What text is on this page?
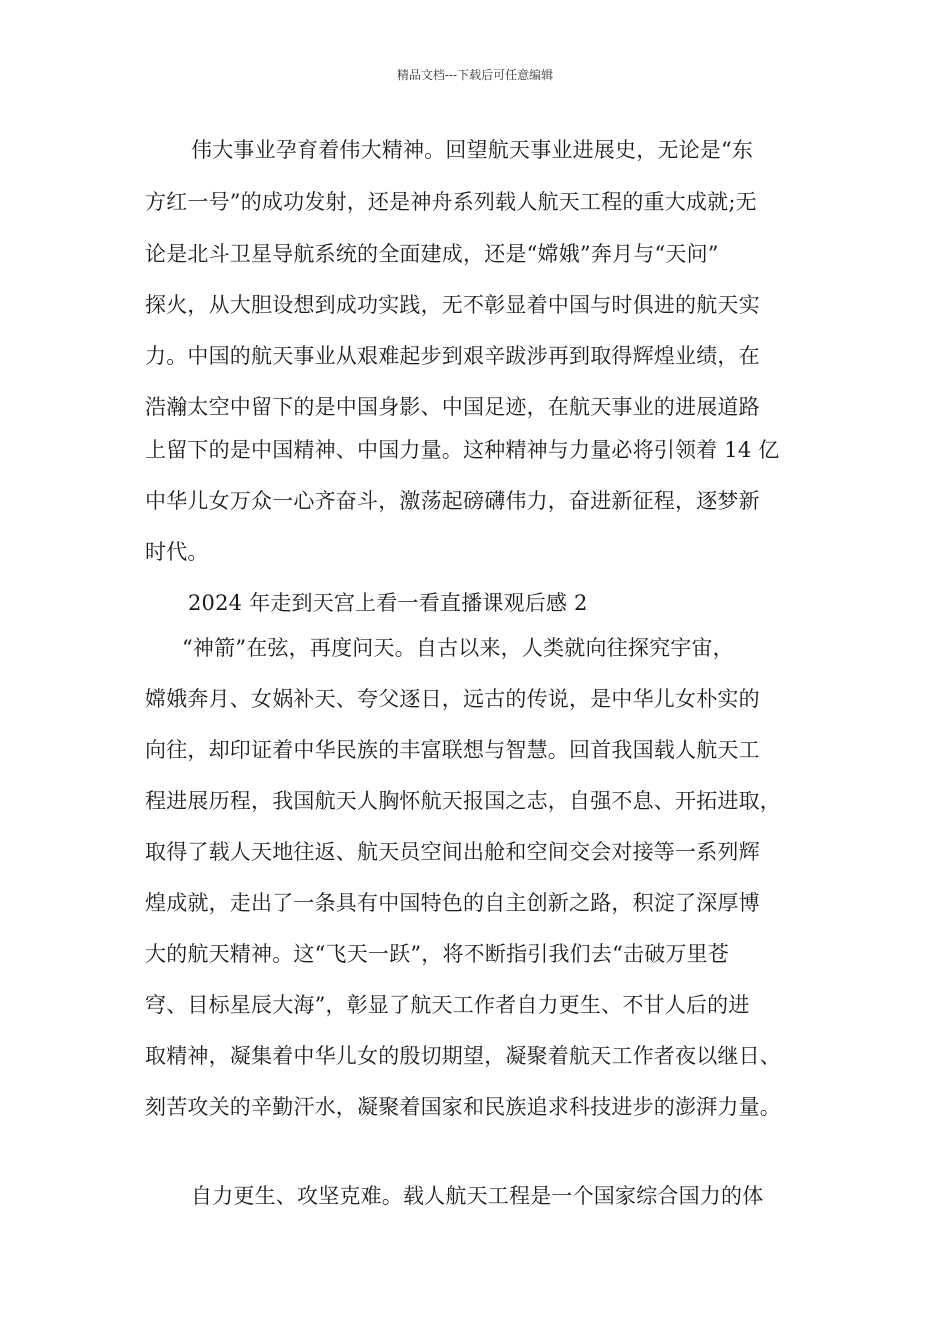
精品文档---下载后可任意编辑
伟大事业孕育着伟大精神。回望航天事业进展史，无论是“东
方红一号”的成功发射，还是神舟系列载人航天工程的重大成就;无
论是北斗卫星导航系统的全面建成，还是“嫦娥”奔月与“天问”
探火，从大胆设想到成功实践，无不彰显着中国与时俱进的航天实
力。中国的航天事业从艰难起步到艰辛跋涉再到取得辉煌业绩，在
浩瀚太空中留下的是中国身影、中国足迹，在航天事业的进展道路
上留下的是中国精神、中国力量。这种精神与力量必将引领着 14 亿
中华儿女万众一心齐奋斗，激荡起磅礴伟力，奋进新征程，逐梦新
时代。
2024 年走到天宫上看一看直播课观后感 2
“神箭”在弦，再度问天。自古以来，人类就向往探究宇宙，
嫦娥奔月、女娲补天、夸父逐日，远古的传说，是中华儿女朴实的
向往，却印证着中华民族的丰富联想与智慧。回首我国载人航天工
程进展历程，我国航天人胸怀航天报国之志，自强不息、开拓进取，
取得了载人天地往返、航天员空间出舱和空间交会对接等一系列辉
煌成就，走出了一条具有中国特色的自主创新之路，积淀了深厚博
大的航天精神。这“飞天一跃”，将不断指引我们去“击破万里苍
穹、目标星辰大海”，彰显了航天工作者自力更生、不甘人后的进
取精神，凝集着中华儿女的殷切期望，凝聚着航天工作者夜以继日、
刻苦攻关的辛勤汗水，凝聚着国家和民族追求科技进步的澎湃力量。
自力更生、攻坚克难。载人航天工程是一个国家综合国力的体
